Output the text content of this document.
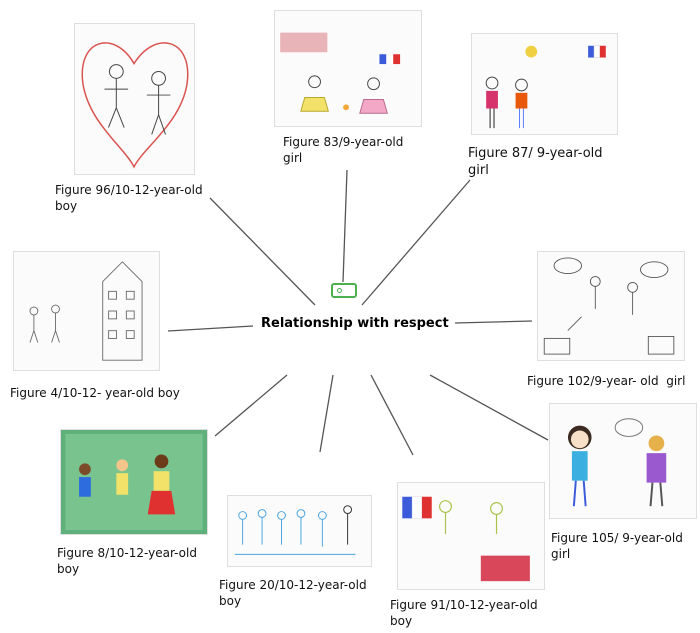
Figure 96/10-12-year-old boy
Figure 83/9-year-old girl	Figure 87/ 9-year-old girl
Figure 4/10-12- year-old boy
Figure 102/9-year- old  girl
Figure 8/10-12-year-old boy
Figure 20/10-12-year-old boy	Figure 91/10-12-year-old boy
Figure 105/ 9-year-old girl
Relationship with respect
